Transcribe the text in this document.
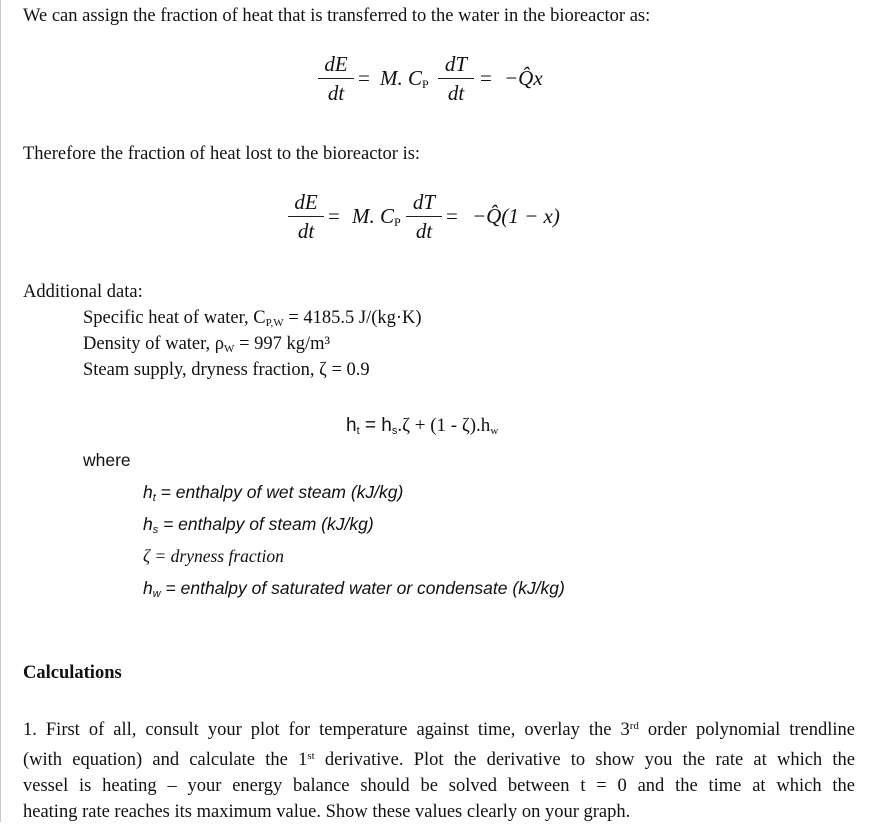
We can assign the fraction of heat that is transferred to the water in the bioreactor as:
dE
dt
= M. $C_P$
dT
dt
= −Q̂x
Therefore the fraction of heat lost to the bioreactor is:
dE
dt
= M. $C_P$
dT
dt
= −Q̂(1 − x)
Additional data:
Specific heat of water, CP,W = 4185.5 J/(kg·K)
Density of water, ρW = 997 kg/m³
Steam supply, dryness fraction, ζ = 0.9
ht = hs.ζ + (1 - ζ).hw
where
ht = enthalpy of wet steam (kJ/kg)
hs = enthalpy of steam (kJ/kg)
ζ = dryness fraction
hw = enthalpy of saturated water or condensate (kJ/kg)
Calculations
1. First of all, consult your plot for temperature against time, overlay the 3rd order polynomial trendline
(with equation) and calculate the 1st derivative. Plot the derivative to show you the rate at which the
vessel is heating – your energy balance should be solved between t = 0 and the time at which the
heating rate reaches its maximum value. Show these values clearly on your graph.
